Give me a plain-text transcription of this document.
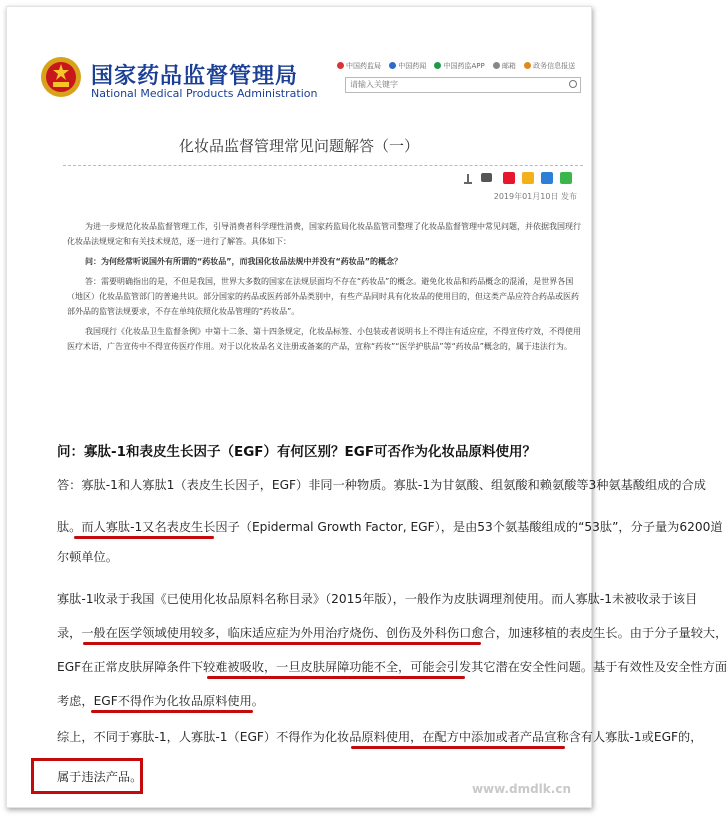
国家药品监督管理局
National Medical Products Administration
中国药监局 中国药闻 中国药监APP 邮箱 政务信息报送
请输入关键字
化妆品监督管理常见问题解答（一）

2019年01月10日 发布

为进一步规范化妆品监督管理工作，引导消费者科学理性消费，国家药监局化妆品监管司整理了化妆品监督管理中常见问题，并依据我国现行化妆品法规规定和有关技术规范，逐一进行了解答。具体如下：

问：为何经常听说国外有所谓的“药妆品”，而我国化妆品法规中并没有“药妆品”的概念？

答：需要明确指出的是，不但是我国，世界大多数的国家在法规层面均不存在“药妆品”的概念。避免化妆品和药品概念的混淆，是世界各国（地区）化妆品监管部门的普遍共识。部分国家的药品或医药部外品类别中，有些产品同时具有化妆品的使用目的，但这类产品应符合药品或医药部外品的监管法规要求，不存在单纯依照化妆品管理的“药妆品”。

我国现行《化妆品卫生监督条例》中第十二条、第十四条规定，化妆品标签、小包装或者说明书上不得注有适应症，不得宣传疗效，不得使用医疗术语，广告宣传中不得宣传医疗作用。对于以化妆品名义注册或备案的产品，宣称“药妆”“医学护肤品”等“药妆品”概念的，属于违法行为。

问：寡肽-1和表皮生长因子（EGF）有何区别？EGF可否作为化妆品原料使用？
答：寡肽-1和人寡肽1（表皮生长因子，EGF）非同一种物质。寡肽-1为甘氨酸、组氨酸和赖氨酸等3种氨基酸组成的合成
肽。而人寡肽-1又名表皮生长因子（Epidermal Growth Factor, EGF），是由53个氨基酸组成的“53肽”，分子量为6200道
尔顿单位。
寡肽-1收录于我国《已使用化妆品原料名称目录》（2015年版），一般作为皮肤调理剂使用。而人寡肽-1未被收录于该目
录，一般在医学领域使用较多，临床适应症为外用治疗烧伤、创伤及外科伤口愈合，加速移植的表皮生长。由于分子量较大，
EGF在正常皮肤屏障条件下较难被吸收，一旦皮肤屏障功能不全，可能会引发其它潜在安全性问题。基于有效性及安全性方面
考虑，EGF不得作为化妆品原料使用。
综上，不同于寡肽-1，人寡肽-1（EGF）不得作为化妆品原料使用，在配方中添加或者产品宣称含有人寡肽-1或EGF的，
属于违法产品。
www.dmdlk.cn
